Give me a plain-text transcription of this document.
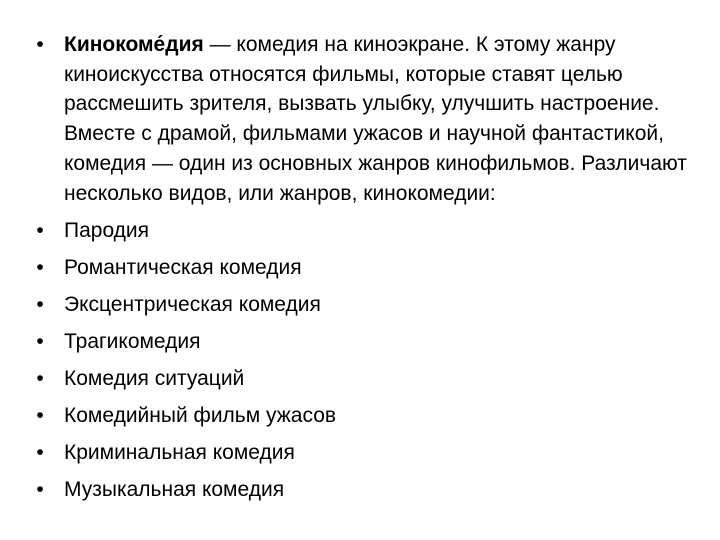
• Кинокоме́дия — комедия на киноэкране. К этому жанру киноискусства относятся фильмы, которые ставят целью рассмешить зрителя, вызвать улыбку, улучшить настроение. Вместе с драмой, фильмами ужасов и научной фантастикой, комедия — один из основных жанров кинофильмов. Различают несколько видов, или жанров, кинокомедии:
• Пародия
• Романтическая комедия
• Эксцентрическая комедия
• Трагикомедия
• Комедия ситуаций
• Комедийный фильм ужасов
• Криминальная комедия
• Музыкальная комедия
